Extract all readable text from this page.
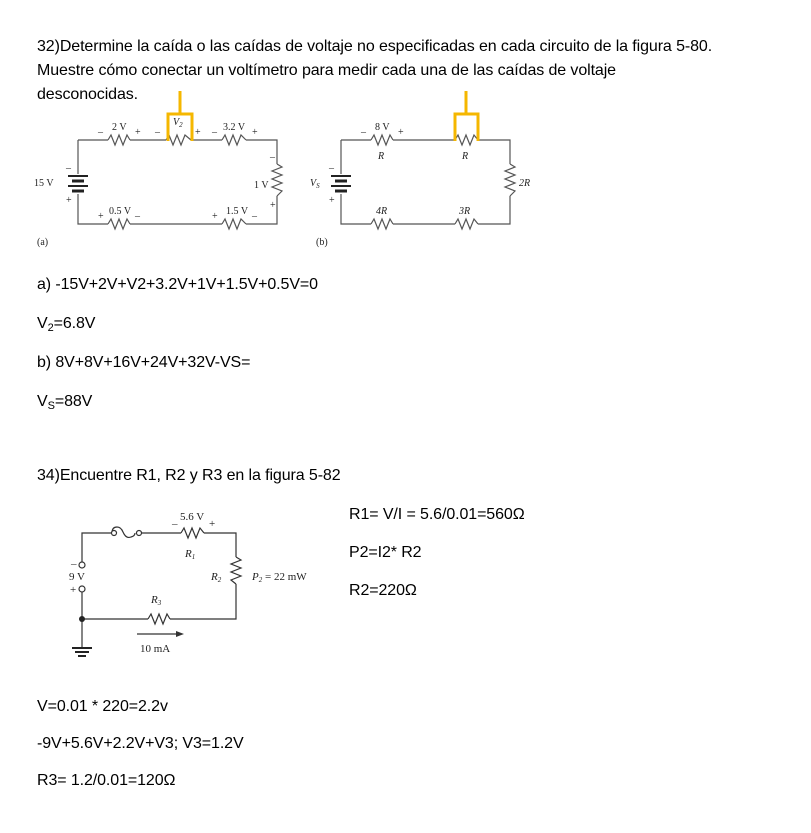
32)Determine la caída o las caídas de voltaje no especificadas en cada circuito de la figura 5-80.
Muestre cómo conectar un voltímetro para medir cada una de las caídas de voltaje
desconocidas.
2 V	$V_2$	3.2 V
1 V
15 V
0.5 V	1.5 V
(a)
–	+ –	+ –	+
–
+
–
+
+	–	+	–
8 V
R	R
2R
4R	3R
$V_S$
(b)
–	+
–
+
a) -15V+2V+V2+3.2V+1V+1.5V+0.5V=0
$V_2=6.8V$
b) 8V+8V+16V+24V+32V-VS=
$V_S=88V$
34)Encuentre R1, R2 y R3 en la figura 5-82
5.6 V
–	+
R1
R2	P2 = 22 mW
–
9 V
+
R3
10 mA
R1= V/I = 5.6/0.01=560Ω
P2=I2* R2
R2=220Ω
V=0.01 * 220=2.2v
-9V+5.6V+2.2V+V3; V3=1.2V
R3= 1.2/0.01=120Ω
